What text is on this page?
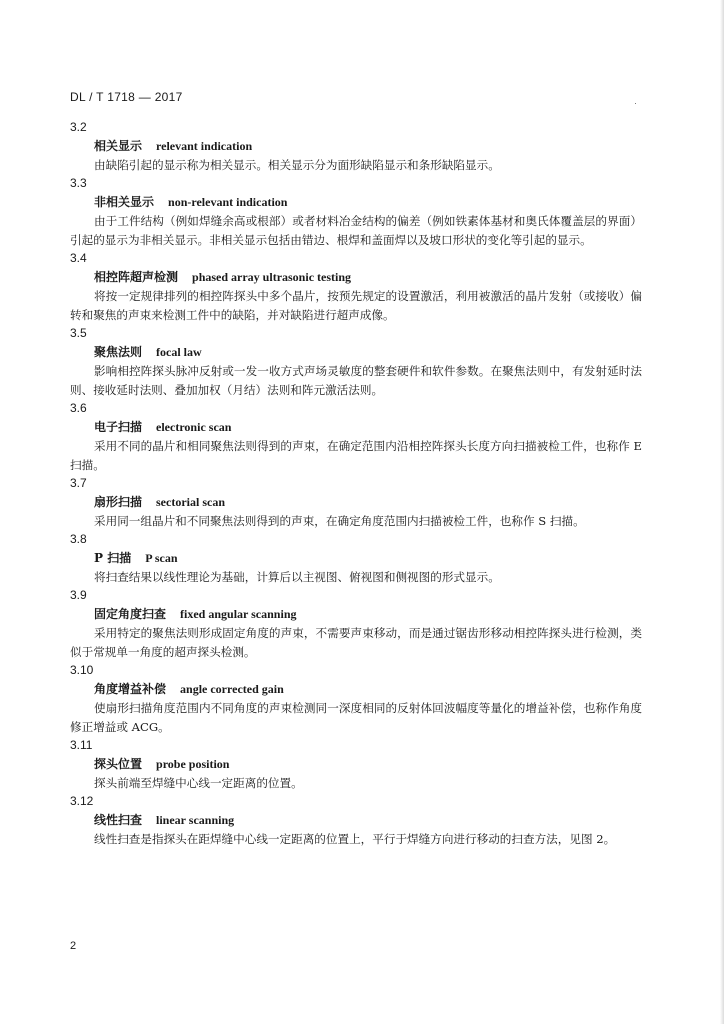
DL / T 1718 — 2017
3.2
相关显示 relevant indication

由缺陷引起的显示称为相关显示。相关显示分为面形缺陷显示和条形缺陷显示。

3.3
非相关显示 non-relevant indication

由于工件结构（例如焊缝余高或根部）或者材料冶金结构的偏差（例如铁素体基材和奥氏体覆盖层的界面）引起的显示为非相关显示。非相关显示包括由错边、根焊和盖面焊以及坡口形状的变化等引起的显示。

3.4
相控阵超声检测 phased array ultrasonic testing

将按一定规律排列的相控阵探头中多个晶片，按预先规定的设置激活，利用被激活的晶片发射（或接收）偏转和聚焦的声束来检测工件中的缺陷，并对缺陷进行超声成像。

3.5
聚焦法则 focal law

影响相控阵探头脉冲反射或一发一收方式声场灵敏度的整套硬件和软件参数。在聚焦法则中，有发射延时法则、接收延时法则、叠加加权（月结）法则和阵元激活法则。

3.6
电子扫描 electronic scan

采用不同的晶片和相同聚焦法则得到的声束，在确定范围内沿相控阵探头长度方向扫描被检工件，也称作 E 扫描。

3.7
扇形扫描 sectorial scan

采用同一组晶片和不同聚焦法则得到的声束，在确定角度范围内扫描被检工件，也称作 S 扫描。

3.8
P 扫描 P scan

将扫查结果以线性理论为基础，计算后以主视图、俯视图和侧视图的形式显示。

3.9
固定角度扫查 fixed angular scanning

采用特定的聚焦法则形成固定角度的声束，不需要声束移动，而是通过锯齿形移动相控阵探头进行检测，类似于常规单一角度的超声探头检测。

3.10
角度增益补偿 angle corrected gain

使扇形扫描角度范围内不同角度的声束检测同一深度相同的反射体回波幅度等量化的增益补偿，也称作角度修正增益或 ACG。

3.11
探头位置 probe position

探头前端至焊缝中心线一定距离的位置。

3.12
线性扫查 linear scanning

线性扫查是指探头在距焊缝中心线一定距离的位置上，平行于焊缝方向进行移动的扫查方法，见图 2。

2
